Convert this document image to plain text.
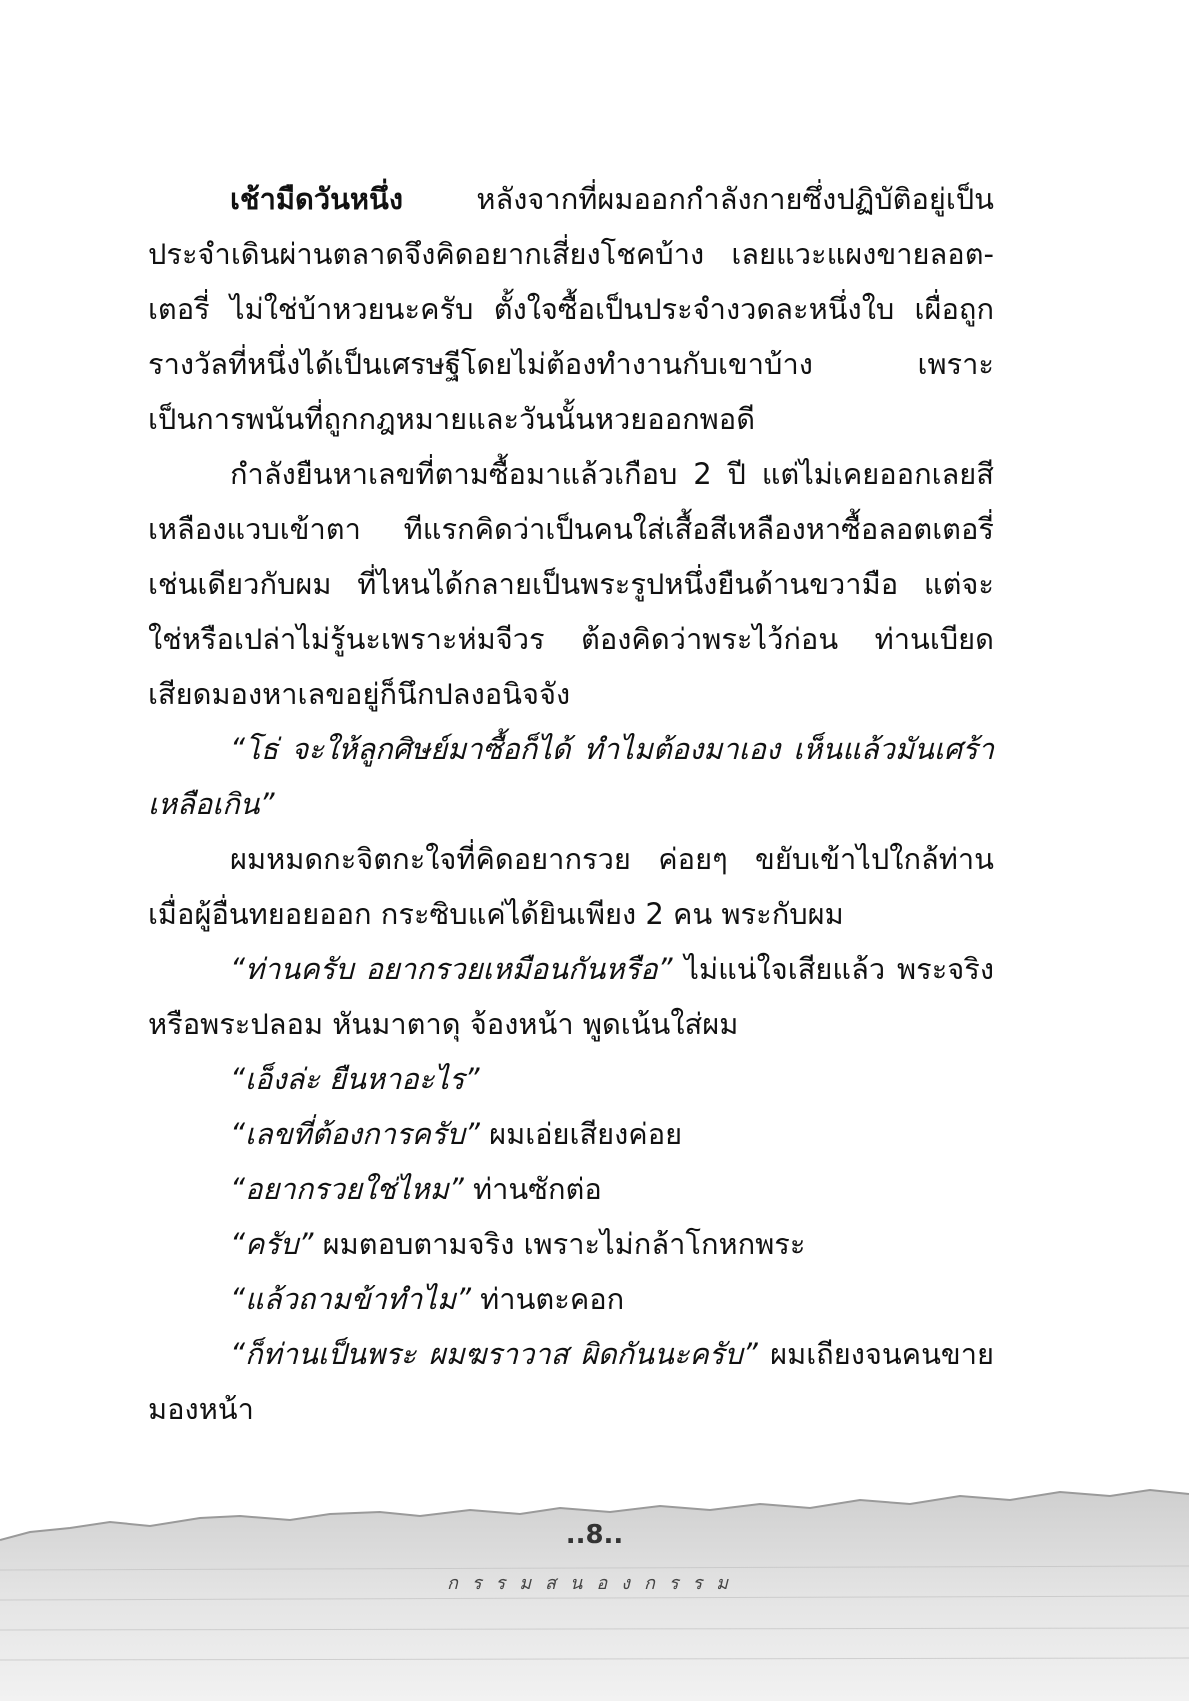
เช้ามืดวันหนึ่ง หลังจากที่ผมออกกำลังกายซึ่งปฏิบัติอยู่เป็นประจำเดินผ่านตลาดจึงคิดอยากเสี่ยงโชคบ้าง เลยแวะแผงขายลอต-เตอรี่ ไม่ใช่บ้าหวยนะครับ ตั้งใจซื้อเป็นประจำงวดละหนึ่งใบ เผื่อถูกรางวัลที่หนึ่งได้เป็นเศรษฐีโดยไม่ต้องทำงานกับเขาบ้าง เพราะเป็นการพนันที่ถูกกฎหมายและวันนั้นหวยออกพอดี

กำลังยืนหาเลขที่ตามซื้อมาแล้วเกือบ 2 ปี แต่ไม่เคยออกเลยสีเหลืองแวบเข้าตา ทีแรกคิดว่าเป็นคนใส่เสื้อสีเหลืองหาซื้อลอตเตอรี่เช่นเดียวกับผม ที่ไหนได้กลายเป็นพระรูปหนึ่งยืนด้านขวามือ แต่จะใช่หรือเปล่าไม่รู้นะเพราะห่มจีวร ต้องคิดว่าพระไว้ก่อน ท่านเบียดเสียดมองหาเลขอยู่ก็นึกปลงอนิจจัง

“โธ่ จะให้ลูกศิษย์มาซื้อก็ได้ ทำไมต้องมาเอง เห็นแล้วมันเศร้าเหลือเกิน”

ผมหมดกะจิตกะใจที่คิดอยากรวย ค่อยๆ ขยับเข้าไปใกล้ท่านเมื่อผู้อื่นทยอยออก กระซิบแค่ได้ยินเพียง 2 คน พระกับผม

“ท่านครับ อยากรวยเหมือนกันหรือ” ไม่แน่ใจเสียแล้ว พระจริงหรือพระปลอม หันมาตาดุ จ้องหน้า พูดเน้นใส่ผม

“เอ็งล่ะ ยืนหาอะไร”

“เลขที่ต้องการครับ” ผมเอ่ยเสียงค่อย

“อยากรวยใช่ไหม” ท่านซักต่อ

“ครับ” ผมตอบตามจริง เพราะไม่กล้าโกหกพระ

“แล้วถามข้าทำไม” ท่านตะคอก

“ก็ท่านเป็นพระ ผมฆราวาส ผิดกันนะครับ” ผมเถียงจนคนขายมองหน้า

..8..
กรรมสนองกรรม
